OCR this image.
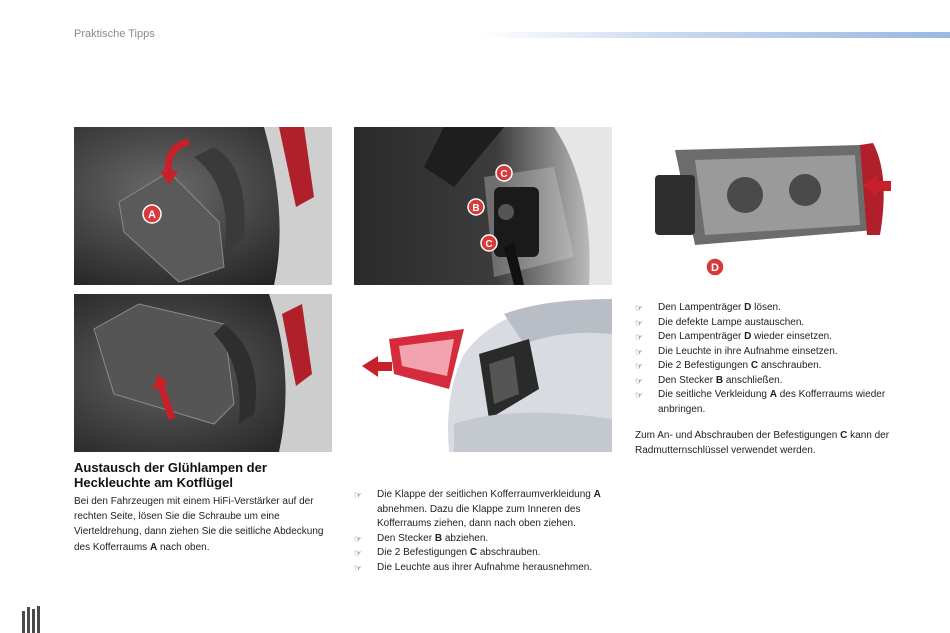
Praktische Tipps
A
C
B
C
D
Austausch der Glühlampen der Heckleuchte am Kotflügel
Bei den Fahrzeugen mit einem HiFi-Verstärker auf der rechten Seite, lösen Sie die Schraube um eine Vierteldrehung, dann ziehen Sie die seitliche Abdeckung des Kofferraums A nach oben.
☞ Die Klappe der seitlichen Kofferraumverkleidung A abnehmen. Dazu die Klappe zum Inneren des Kofferraums ziehen, dann nach oben ziehen.
☞ Den Stecker B abziehen.
☞ Die 2 Befestigungen C abschrauben.
☞ Die Leuchte aus ihrer Aufnahme herausnehmen.
☞ Den Lampenträger D lösen.
☞ Die defekte Lampe austauschen.
☞ Den Lampenträger D wieder einsetzen.
☞ Die Leuchte in ihre Aufnahme einsetzen.
☞ Die 2 Befestigungen C anschrauben.
☞ Den Stecker B anschließen.
☞ Die seitliche Verkleidung A des Kofferraums wieder anbringen.
Zum An- und Abschrauben der Befestigungen C kann der Radmutternschlüssel verwendet werden.
